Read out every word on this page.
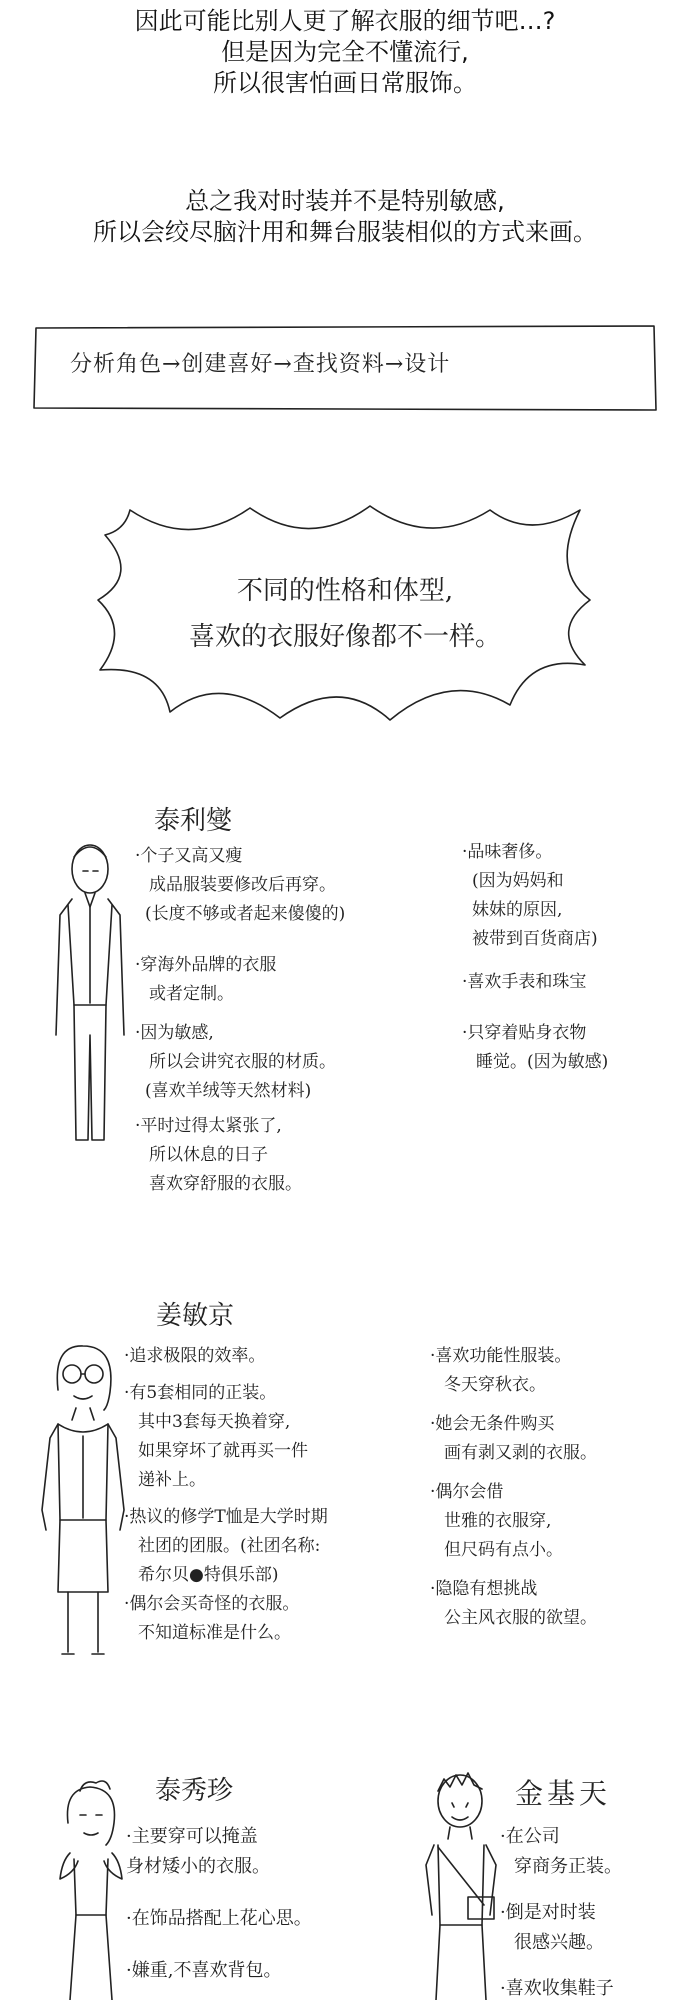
因此可能比别人更了解衣服的细节吧…?
但是因为完全不懂流行,
所以很害怕画日常服饰。
总之我对时装并不是特别敏感,
所以会绞尽脑汁用和舞台服装相似的方式来画。
分析角色→创建喜好→查找资料→设计
不同的性格和体型,
喜欢的衣服好像都不一样。
泰利燮
·个子又高又瘦
成品服装要修改后再穿。
(长度不够或者起来傻傻的)
·穿海外品牌的衣服
或者定制。
·因为敏感,
所以会讲究衣服的材质。
(喜欢羊绒等天然材料)
·平时过得太紧张了,
所以休息的日子
喜欢穿舒服的衣服。
·品味奢侈。
(因为妈妈和
妹妹的原因,
被带到百货商店)
·喜欢手表和珠宝
·只穿着贴身衣物
睡觉。(因为敏感)
姜敏京
·追求极限的效率。
·有5套相同的正装。
其中3套每天换着穿,
如果穿坏了就再买一件
递补上。
·热议的修学T恤是大学时期
社团的团服。(社团名称:
希尔贝●特俱乐部)
·偶尔会买奇怪的衣服。
不知道标准是什么。
·喜欢功能性服装。
冬天穿秋衣。
·她会无条件购买
画有剥又剥的衣服。
·偶尔会借
世雅的衣服穿,
但尺码有点小。
·隐隐有想挑战
公主风衣服的欲望。
泰秀珍
·主要穿可以掩盖
身材矮小的衣服。
·在饰品搭配上花心思。
·嫌重,不喜欢背包。
金基天
·在公司
穿商务正装。
·倒是对时装
很感兴趣。
·喜欢收集鞋子
